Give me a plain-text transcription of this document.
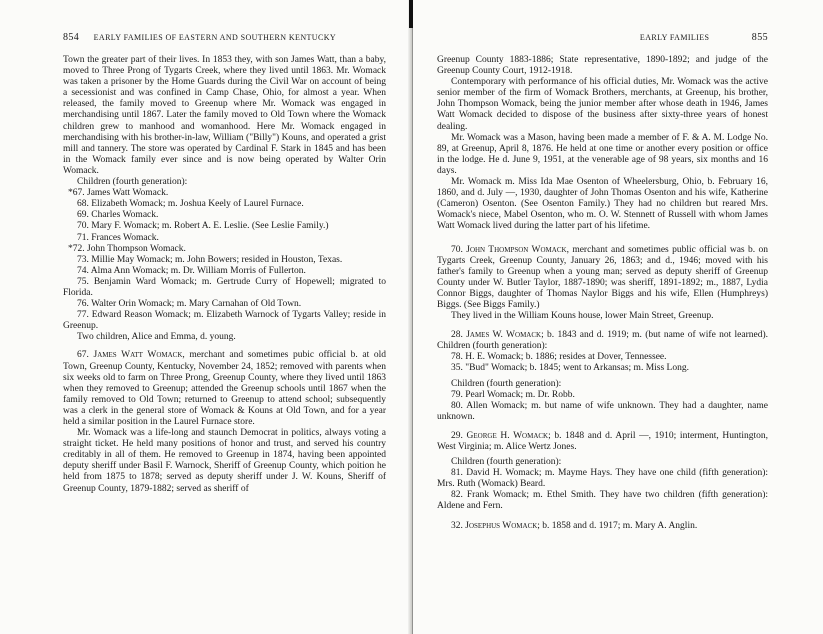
854 EARLY FAMILIES OF EASTERN AND SOUTHERN KENTUCKY

Town the greater part of their lives. In 1853 they, with son James Watt, than a baby, moved to Three Prong of Tygarts Creek, where they lived until 1863. Mr. Womack was taken a prisoner by the Home Guards during the Civil War on account of being a secessionist and was confined in Camp Chase, Ohio, for almost a year. When released, the family moved to Greenup where Mr. Womack was engaged in merchandising until 1867. Later the family moved to Old Town where the Womack children grew to manhood and womanhood. Here Mr. Womack engaged in merchandising with his brother-in-law, William ("Billy") Kouns, and operated a grist mill and tannery. The store was operated by Cardinal F. Stark in 1845 and has been in the Womack family ever since and is now being operated by Walter Orin Womack.

Children (fourth generation):

*67. James Watt Womack.

68. Elizabeth Womack; m. Joshua Keely of Laurel Furnace.

69. Charles Womack.

70. Mary F. Womack; m. Robert A. E. Leslie. (See Leslie Family.)

71. Frances Womack.

*72. John Thompson Womack.

73. Millie May Womack; m. John Bowers; resided in Houston, Texas.

74. Alma Ann Womack; m. Dr. William Morris of Fullerton.

75. Benjamin Ward Womack; m. Gertrude Curry of Hopewell; migrated to Florida.

76. Walter Orin Womack; m. Mary Carnahan of Old Town.

77. Edward Reason Womack; m. Elizabeth Warnock of Tygarts Valley; reside in Greenup.

Two children, Alice and Emma, d. young.

67. James Watt Womack, merchant and sometimes pubic official b. at old Town, Greenup County, Kentucky, November 24, 1852; removed with parents when six weeks old to farm on Three Prong, Greenup County, where they lived until 1863 when they removed to Greenup; attended the Greenup schools until 1867 when the family removed to Old Town; returned to Greenup to attend school; subsequently was a clerk in the general store of Womack & Kouns at Old Town, and for a year held a similar position in the Laurel Furnace store.

Mr. Womack was a life-long and staunch Democrat in politics, always voting a straight ticket. He held many positions of honor and trust, and served his country creditably in all of them. He removed to Greenup in 1874, having been appointed deputy sheriff under Basil F. Warnock, Sheriff of Greenup County, which poition he held from 1875 to 1878; served as deputy sheriff under J. W. Kouns, Sheriff of Greenup County, 1879-1882; served as sheriff of

EARLY FAMILIES	855

Greenup County 1883-1886; State representative, 1890-1892; and judge of the Greenup County Court, 1912-1918.

Contemporary with performance of his official duties, Mr. Womack was the active senior member of the firm of Womack Brothers, merchants, at Greenup, his brother, John Thompson Womack, being the junior member after whose death in 1946, James Watt Womack decided to dispose of the business after sixty-three years of honest dealing.

Mr. Womack was a Mason, having been made a member of F. & A. M. Lodge No. 89, at Greenup, April 8, 1876. He held at one time or another every position or office in the lodge. He d. June 9, 1951, at the venerable age of 98 years, six months and 16 days.

Mr. Womack m. Miss Ida Mae Osenton of Wheelersburg, Ohio, b. February 16, 1860, and d. July —, 1930, daughter of John Thomas Osenton and his wife, Katherine (Cameron) Osenton. (See Osenton Family.) They had no children but reared Mrs. Womack's niece, Mabel Osenton, who m. O. W. Stennett of Russell with whom James Watt Womack lived during the latter part of his lifetime.

70. John Thompson Womack, merchant and sometimes public official was b. on Tygarts Creek, Greenup County, January 26, 1863; and d., 1946; moved with his father's family to Greenup when a young man; served as deputy sheriff of Greenup County under W. Butler Taylor, 1887-1890; was sheriff, 1891-1892; m., 1887, Lydia Connor Biggs, daughter of Thomas Naylor Biggs and his wife, Ellen (Humphreys) Biggs. (See Biggs Family.)

They lived in the William Kouns house, lower Main Street, Greenup.

28. James W. Womack; b. 1843 and d. 1919; m. (but name of wife not learned). Children (fourth generation):

78. H. E. Womack; b. 1886; resides at Dover, Tennessee.

35. "Bud" Womack; b. 1845; went to Arkansas; m. Miss Long.

Children (fourth generation):

79. Pearl Womack; m. Dr. Robb.

80. Allen Womack; m. but name of wife unknown. They had a daughter, name unknown.

29. George H. Womack; b. 1848 and d. April —, 1910; interment, Huntington, West Virginia; m. Alice Wertz Jones.

Children (fourth generation):

81. David H. Womack; m. Mayme Hays. They have one child (fifth generation): Mrs. Ruth (Womack) Beard.

82. Frank Womack; m. Ethel Smith. They have two children (fifth generation): Aldene and Fern.

32. Josephus Womack; b. 1858 and d. 1917; m. Mary A. Anglin.
